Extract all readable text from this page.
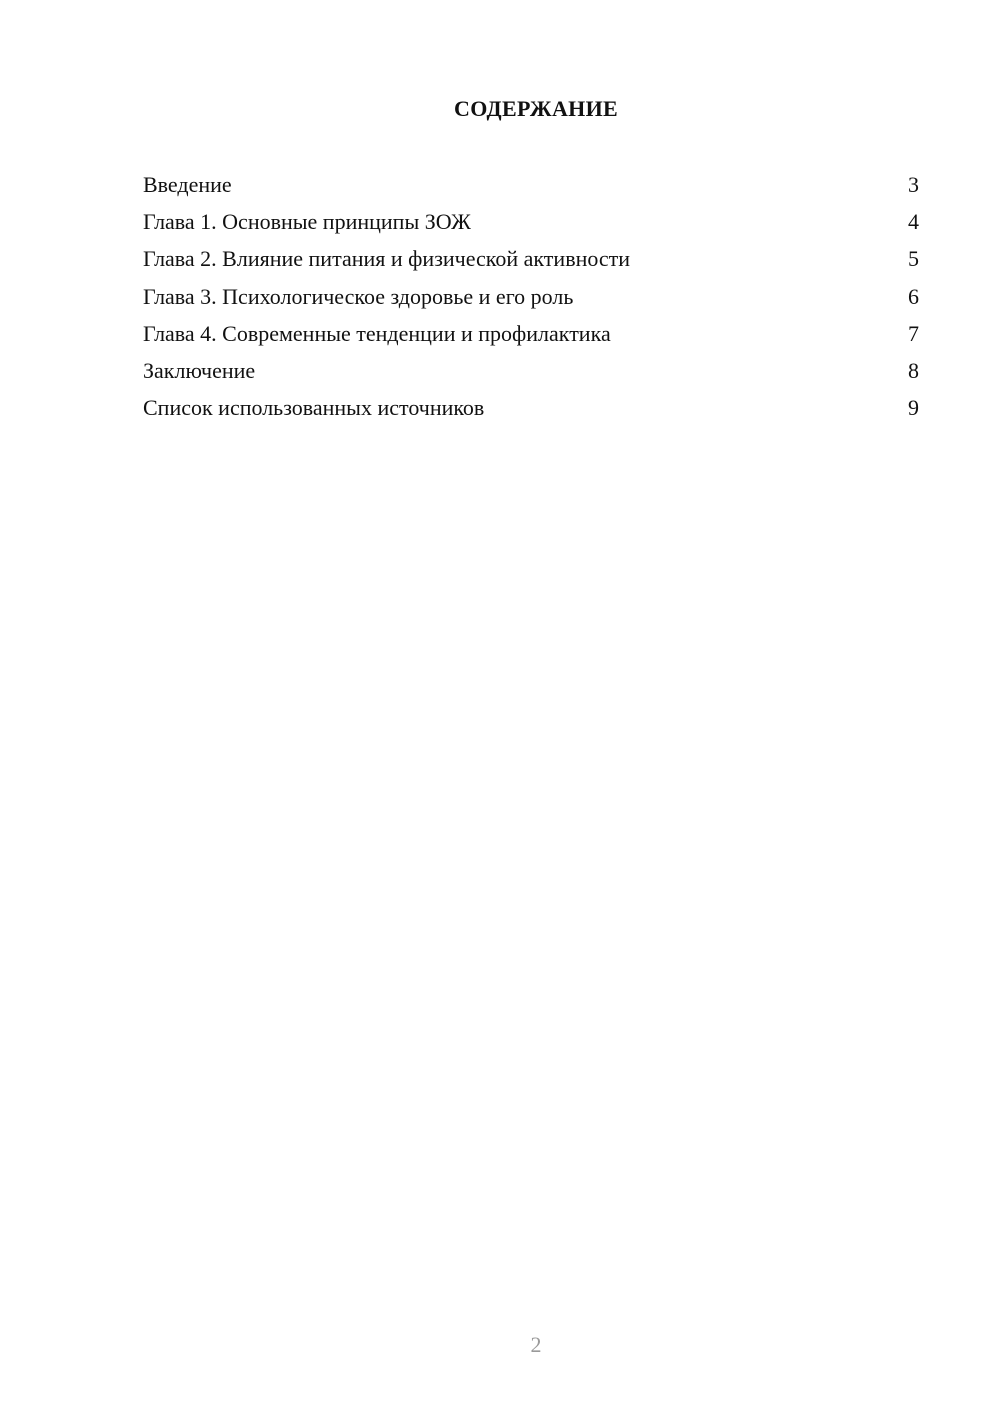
СОДЕРЖАНИЕ
Введение	3
Глава 1. Основные принципы ЗОЖ	4
Глава 2. Влияние питания и физической активности	5
Глава 3. Психологическое здоровье и его роль	6
Глава 4. Современные тенденции и профилактика	7
Заключение	8
Список использованных источников	9
2
